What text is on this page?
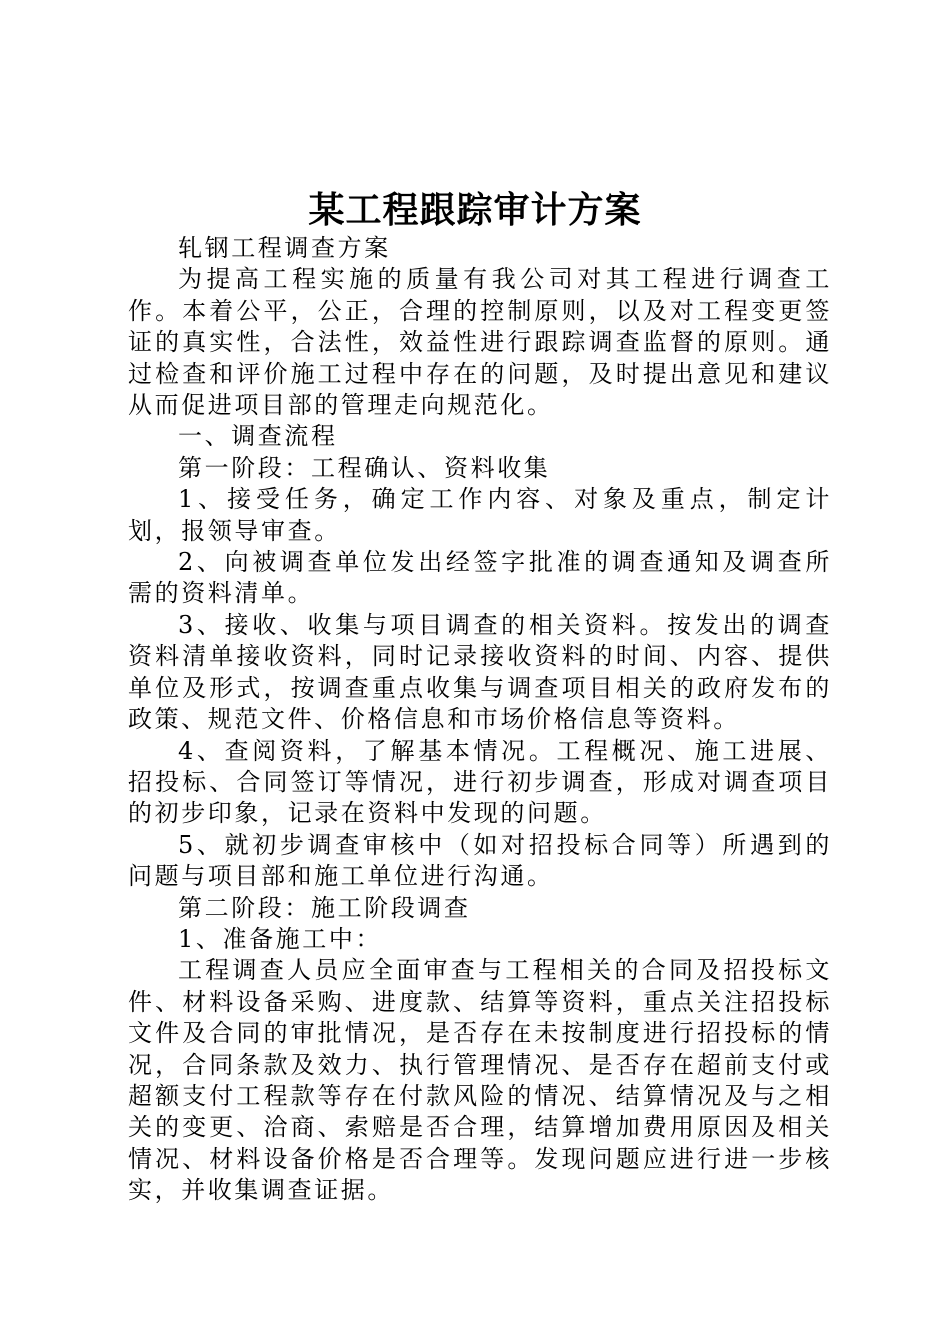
某工程跟踪审计方案

轧钢工程调查方案

为提高工程实施的质量有我公司对其工程进行调查工作。本着公平，公正，合理的控制原则，以及对工程变更签证的真实性，合法性，效益性进行跟踪调查监督的原则。通过检查和评价施工过程中存在的问题，及时提出意见和建议从而促进项目部的管理走向规范化。

一、调查流程

第一阶段：工程确认、资料收集

1、接受任务，确定工作内容、对象及重点，制定计划，报领导审查。

2、向被调查单位发出经签字批准的调查通知及调查所需的资料清单。

3、接收、收集与项目调查的相关资料。按发出的调查资料清单接收资料，同时记录接收资料的时间、内容、提供单位及形式，按调查重点收集与调查项目相关的政府发布的政策、规范文件、价格信息和市场价格信息等资料。

4、查阅资料，了解基本情况。工程概况、施工进展、招投标、合同签订等情况，进行初步调查，形成对调查项目的初步印象，记录在资料中发现的问题。

5、就初步调查审核中（如对招投标合同等）所遇到的问题与项目部和施工单位进行沟通。

第二阶段：施工阶段调查

1、准备施工中：

工程调查人员应全面审查与工程相关的合同及招投标文件、材料设备采购、进度款、结算等资料，重点关注招投标文件及合同的审批情况，是否存在未按制度进行招投标的情况，合同条款及效力、执行管理情况、是否存在超前支付或超额支付工程款等存在付款风险的情况、结算情况及与之相关的变更、洽商、索赔是否合理，结算增加费用原因及相关情况、材料设备价格是否合理等。发现问题应进行进一步核实，并收集调查证据。
